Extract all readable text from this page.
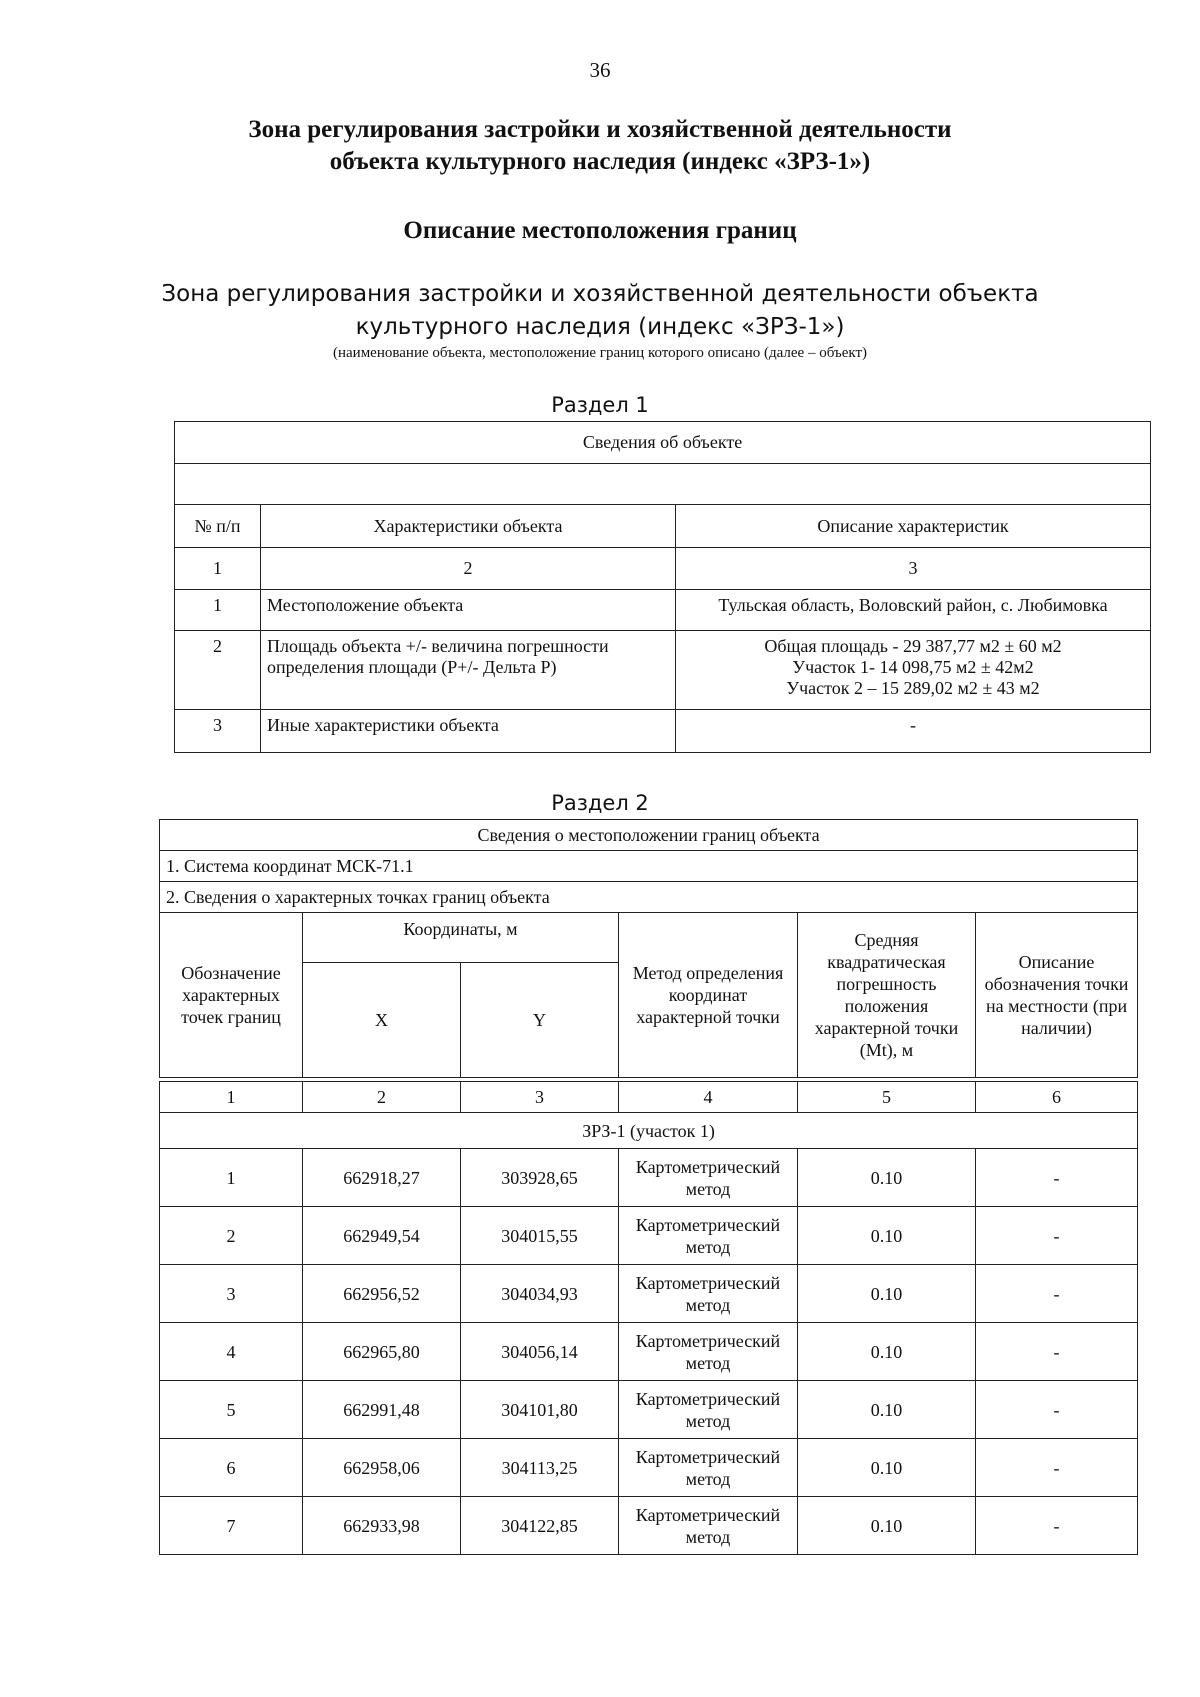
36
Зона регулирования застройки и хозяйственной деятельности
объекта культурного наследия (индекс «ЗРЗ-1»)
Описание местоположения границ
Зона регулирования застройки и хозяйственной деятельности объекта
культурного наследия (индекс «ЗРЗ-1»)
(наименование объекта, местоположение границ которого описано (далее – объект)
Раздел 1
Сведения об объекте		

№ п/п	Характеристики объекта	Описание характеристик
1	2	3
1	Местоположение объекта	Тульская область, Воловский район, с. Любимовка

2	Площадь объекта +/- величина погрешности определения площади (P+/- Дельта P)	Общая площадь - 29 387,77 м2 ± 60 м2
Участок 1- 14 098,75 м2 ± 42м2
Участок 2 – 15 289,02 м2 ± 43 м2

3	Иные характеристики объекта	-
Раздел 2
Сведения о местоположении границ объекта					
1. Система координат МСК-71.1					
2. Сведения о характерных точках границ объекта					
Обозначение характерных точек границ	Координаты, м		Метод определения координат характерной точки	Средняя квадратическая погрешность положения характерной точки (Mt), м	Описание обозначения точки на местности (при наличии)
	X	Y			

1	2	3	4	5	6
ЗРЗ-1 (участок 1)					
1	662918,27	303928,65	Картометрический метод	0.10	-
2	662949,54	304015,55	Картометрический метод	0.10	-
3	662956,52	304034,93	Картометрический метод	0.10	-
4	662965,80	304056,14	Картометрический метод	0.10	-
5	662991,48	304101,80	Картометрический метод	0.10	-
6	662958,06	304113,25	Картометрический метод	0.10	-
7	662933,98	304122,85	Картометрический метод	0.10	-
